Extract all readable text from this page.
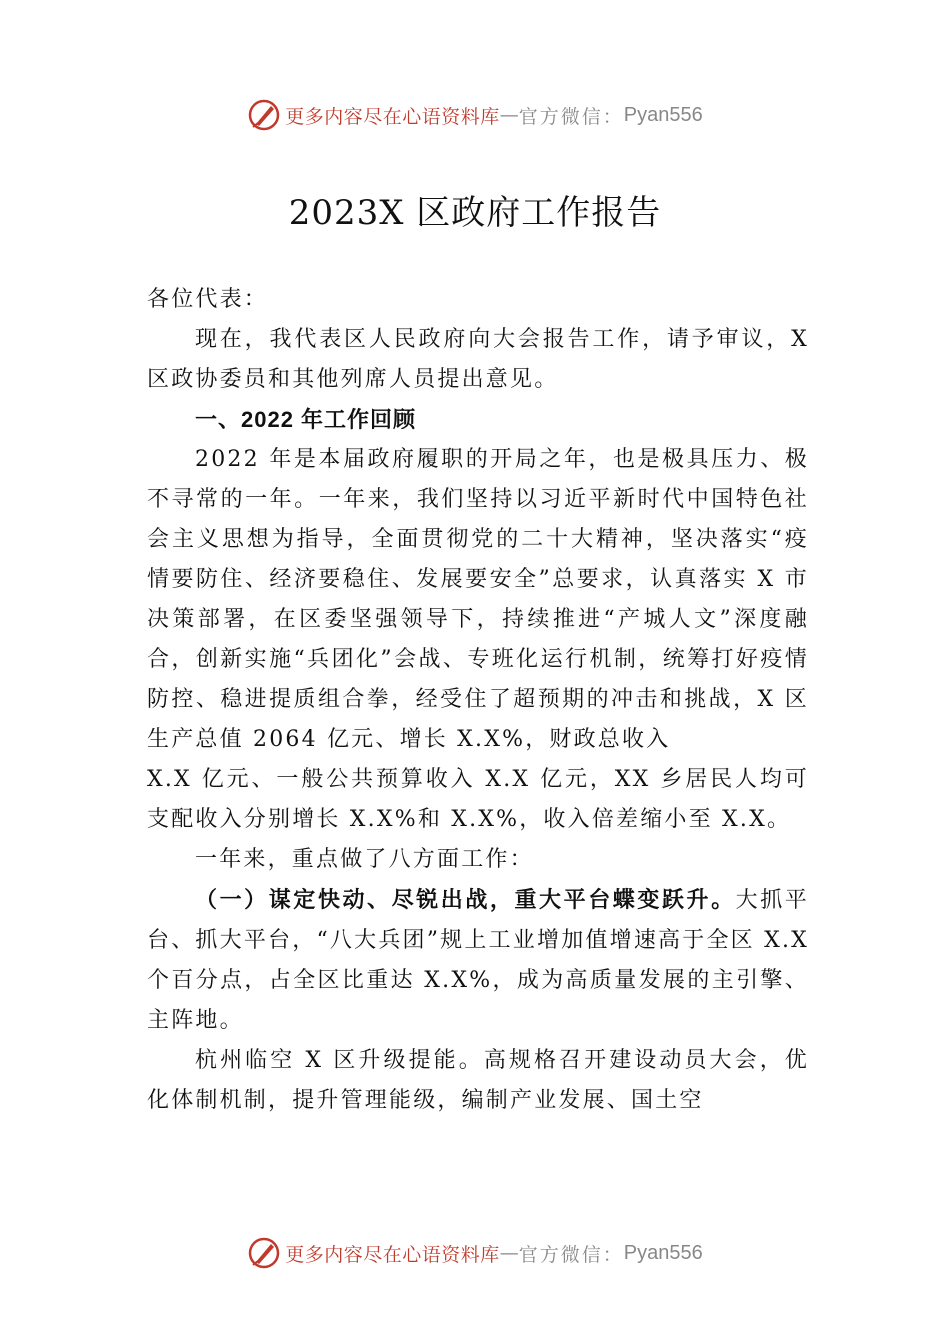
更多内容尽在心语资料库 — 官方微信： Pyan556
2023X 区政府工作报告

各位代表：

现在，我代表区人民政府向大会报告工作，请予审议，X 区政协委员和其他列席人员提出意见。

一、2022 年工作回顾

2022 年是本届政府履职的开局之年，也是极具压力、极不寻常的一年。一年来，我们坚持以习近平新时代中国特色社会主义思想为指导，全面贯彻党的二十大精神，坚决落实“疫情要防住、经济要稳住、发展要安全”总要求，认真落实 X 市决策部署，在区委坚强领导下，持续推进“产城人文”深度融合，创新实施“兵团化”会战、专班化运行机制，统筹打好疫情防控、稳进提质组合拳，经受住了超预期的冲击和挑战，X 区生产总值 2064 亿元、增长 X.X%，财政总收入

X.X 亿元、一般公共预算收入 X.X 亿元，XX 乡居民人均可支配收入分别增长 X.X%和 X.X%，收入倍差缩小至 X.X。

一年来，重点做了八方面工作：

（一）谋定快动、尽锐出战，重大平台蝶变跃升。大抓平台、抓大平台，“八大兵团”规上工业增加值增速高于全区 X.X 个百分点，占全区比重达 X.X%，成为高质量发展的主引擎、主阵地。

杭州临空 X 区升级提能。高规格召开建设动员大会，优化体制机制，提升管理能级，编制产业发展、国土空

更多内容尽在心语资料库 — 官方微信： Pyan556
